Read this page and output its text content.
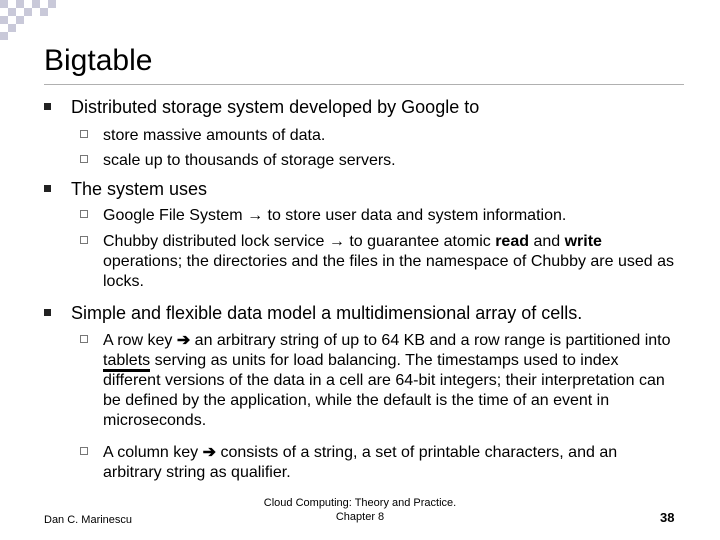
Bigtable
Distributed storage system developed by Google to
store massive amounts of data.
scale up to thousands of storage servers.
The system uses
Google File System → to store user data and system information.
Chubby distributed lock service → to guarantee atomic read and write operations; the directories and the files in the namespace of Chubby are used as locks.
Simple and flexible data model a multidimensional array of cells.
A row key ➔ an arbitrary string of up to 64 KB and a row range is partitioned into tablets serving as units for load balancing. The timestamps used to index different versions of the data in a cell are 64-bit integers; their interpretation can be defined by the application, while the default is the time of an event in microseconds.
A column key ➔ consists of a string, a set of printable characters, and an arbitrary string as qualifier.
Dan C. Marinescu
Cloud Computing: Theory and Practice.
Chapter 8	38
